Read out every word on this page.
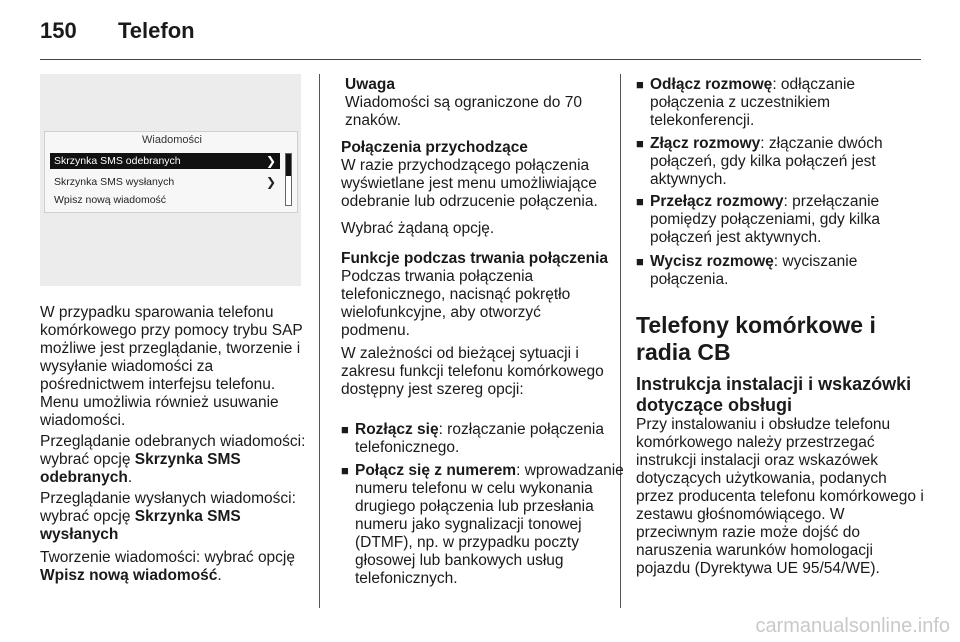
150 Telefon
Wiadomości
Skrzynka SMS odebranych	❯
Skrzynka SMS wysłanych	❯
Wpisz nową wiadomość
W przypadku sparowania telefonu komórkowego przy pomocy trybu SAP możliwe jest przeglądanie, tworzenie i wysyłanie wiadomości za pośrednictwem interfejsu telefonu. Menu umożliwia również usuwanie wiadomości.
Przeglądanie odebranych wiadomości: wybrać opcję Skrzynka SMS odebranych.
Przeglądanie wysłanych wiadomości: wybrać opcję Skrzynka SMS wysłanych
Tworzenie wiadomości: wybrać opcję Wpisz nową wiadomość.
Uwaga
Wiadomości są ograniczone do 70 znaków.
Połączenia przychodzące
W razie przychodzącego połączenia wyświetlane jest menu umożliwiające odebranie lub odrzucenie połączenia.
Wybrać żądaną opcję.
Funkcje podczas trwania połączenia
Podczas trwania połączenia telefonicznego, nacisnąć pokrętło wielofunkcyjne, aby otworzyć podmenu.
W zależności od bieżącej sytuacji i zakresu funkcji telefonu komórkowego dostępny jest szereg opcji:
■ Rozłącz się: rozłączanie połączenia telefonicznego.
■ Połącz się z numerem: wprowadzanie numeru telefonu w celu wykonania drugiego połączenia lub przesłania numeru jako sygnalizacji tonowej (DTMF), np. w przypadku poczty głosowej lub bankowych usług telefonicznych.
■ Odłącz rozmowę: odłączanie połączenia z uczestnikiem telekonferencji.
■ Złącz rozmowy: złączanie dwóch połączeń, gdy kilka połączeń jest aktywnych.
■ Przełącz rozmowy: przełączanie pomiędzy połączeniami, gdy kilka połączeń jest aktywnych.
■ Wycisz rozmowę: wyciszanie połączenia.
Telefony komórkowe i radia CB
Instrukcja instalacji i wskazówki dotyczące obsługi
Przy instalowaniu i obsłudze telefonu komórkowego należy przestrzegać instrukcji instalacji oraz wskazówek dotyczących użytkowania, podanych przez producenta telefonu komórkowego i zestawu głośnomówiącego. W przeciwnym razie może dojść do naruszenia warunków homologacji pojazdu (Dyrektywa UE 95/54/WE).
carmanualsonline.info
